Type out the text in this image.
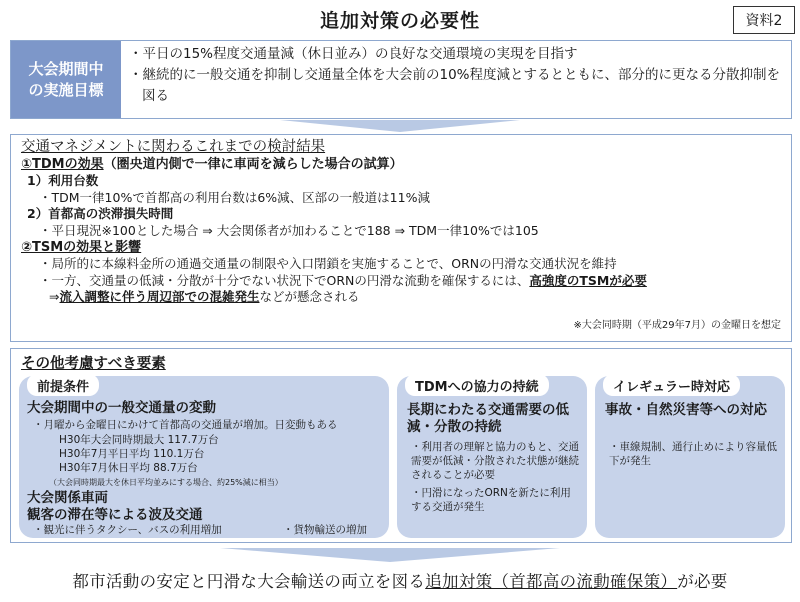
追加対策の必要性	資料2
大会期間中
の実施目標
・平日の15%程度交通量減（休日並み）の良好な交通環境の実現を目指す
・継続的に一般交通を抑制し交通量全体を大会前の10%程度減とするとともに、部分的に更なる分散抑制を図る
交通マネジメントに関わるこれまでの検討結果
①TDMの効果（圏央道内側で一律に車両を減らした場合の試算）
1）利用台数
・TDM一律10%で首都高の利用台数は6%減、区部の一般道は11%減
2）首都高の渋滞損失時間
・平日現況※100とした場合 ⇒ 大会関係者が加わることで188 ⇒ TDM一律10%では105
②TSMの効果と影響
・局所的に本線料金所の通過交通量の制限や入口閉鎖を実施することで、ORNの円滑な交通状況を維持
・一方、交通量の低減・分散が十分でない状況下でORNの円滑な流動を確保するには、高強度のTSMが必要
⇒流入調整に伴う周辺部での混雑発生などが懸念される
※大会同時期（平成29年7月）の金曜日を想定
その他考慮すべき要素
前提条件
大会期間中の一般交通量の変動
・月曜から金曜日にかけて首都高の交通量が増加。日変動もある
H30年大会同時期最大 117.7万台
H30年7月平日平均 110.1万台
H30年7月休日平均 88.7万台
（大会同時期最大を休日平均並みにする場合、約25%減に相当）
大会関係車両
観客の滞在等による波及交通
・観光に伴うタクシー、バスの利用増加	・貨物輸送の増加
TDMへの協力の持続
長期にわたる交通需要の低減・分散の持続
・利用者の理解と協力のもと、交通需要が低減・分散された状態が継続されることが必要
・円滑になったORNを新たに利用する交通が発生
イレギュラー時対応
事故・自然災害等への対応
・車線規制、通行止めにより容量低下が発生
都市活動の安定と円滑な大会輸送の両立を図る追加対策（首都高の流動確保策）が必要
